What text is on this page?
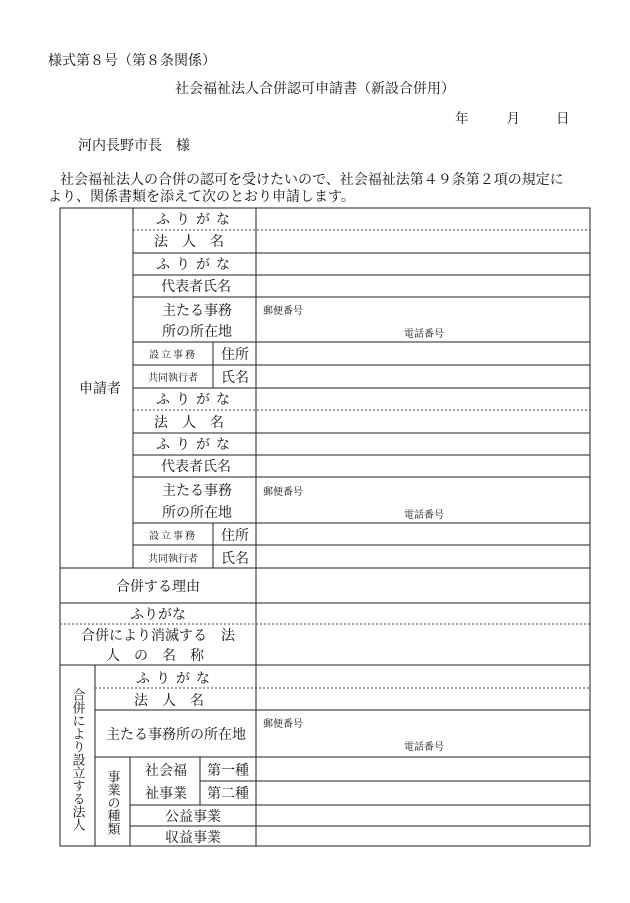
様式第８号（第８条関係）
社会福祉法人合併認可申請書（新設合併用）
年	月	日
河内長野市長　様
社会福祉法人の合併の認可を受けたいので、社会福祉法第４９条第２項の規定に
より、関係書類を添えて次のとおり申請します。
申請者
ふりがな
法人名
ふりがな
代表者氏名
ふりがな
法人名
ふりがな
代表者氏名
主たる事務
所の所在地
主たる事務
所の所在地
郵便番号
電話番号
郵便番号
電話番号
設立事務
共同執行者
設立事務
共同執行者
住所
氏名
住所
氏名
合併する理由
ふりがな
合併により消滅する　法
人　の　名　称
合併により設立する法人
ふりがな
法人名
主たる事務所の所在地
郵便番号
電話番号
事業の種類 社会福
祉事業
第一種
第二種
公益事業
収益事業
